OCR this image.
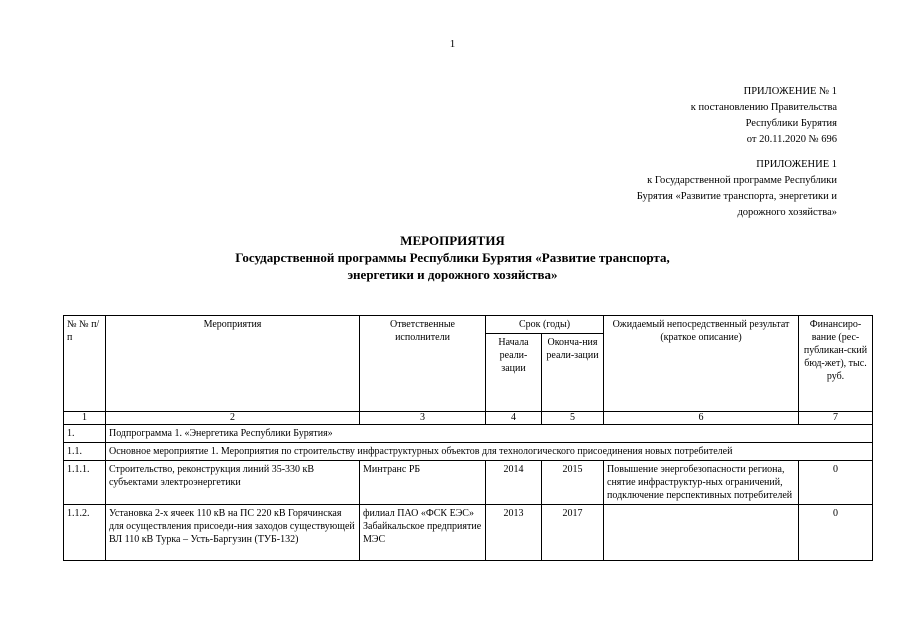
1
ПРИЛОЖЕНИЕ № 1
к постановлению Правительства
Республики Бурятия
от 20.11.2020 № 696
ПРИЛОЖЕНИЕ 1
к Государственной программе Республики
Бурятия «Развитие транспорта, энергетики и
дорожного хозяйства»
МЕРОПРИЯТИЯ
Государственной программы Республики Бурятия «Развитие транспорта,
энергетики и дорожного хозяйства»
№ № п/п	Мероприятия	Ответственные исполнители	Срок (годы)		Ожидаемый непосредственный результат (краткое описание)	Финансиро-вание (рес-публикан-ский бюд-жет), тыс. руб.
			Начала реали-зации	Оконча-ния реали-зации		
1	2	3	4	5	6	7
1.	Подпрограмма 1. «Энергетика Республики Бурятия»					
1.1.	Основное мероприятие 1. Мероприятия по строительству инфраструктурных объектов для технологического присоединения новых потребителей					
1.1.1.	Строительство, реконструкция линий 35-330 кВ субъектами электроэнергетики	Минтранс РБ	2014	2015	Повышение энергобезопасности региона, снятие инфраструктур-ных ограничений, подключение перспективных потребителей	0
1.1.2.	Установка 2-х ячеек 110 кВ на ПС 220 кВ Горячинская для осуществления присоеди-ния заходов существующей ВЛ 110 кВ Турка – Усть-Баргузин (ТУБ-132)	филиал ПАО «ФСК ЕЭС» Забайкальское предприятие МЭС	2013	2017		0
